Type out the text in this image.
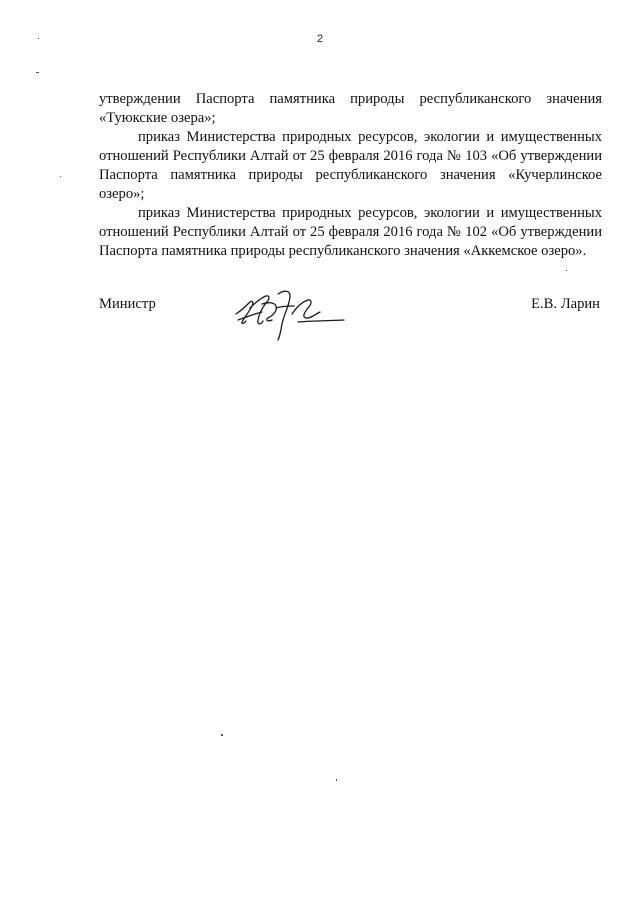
2

утверждении Паспорта памятника природы республиканского значения «Туюкские озера»;

приказ Министерства природных ресурсов, экологии и имущественных отношений Республики Алтай от 25 февраля 2016 года № 103 «Об утверждении Паспорта памятника природы республиканского значения «Кучерлинское озеро»;

приказ Министерства природных ресурсов, экологии и имущественных отношений Республики Алтай от 25 февраля 2016 года № 102 «Об утверждении Паспорта памятника природы республиканского значения «Аккемское озеро».

Министр	Е.В. Ларин
